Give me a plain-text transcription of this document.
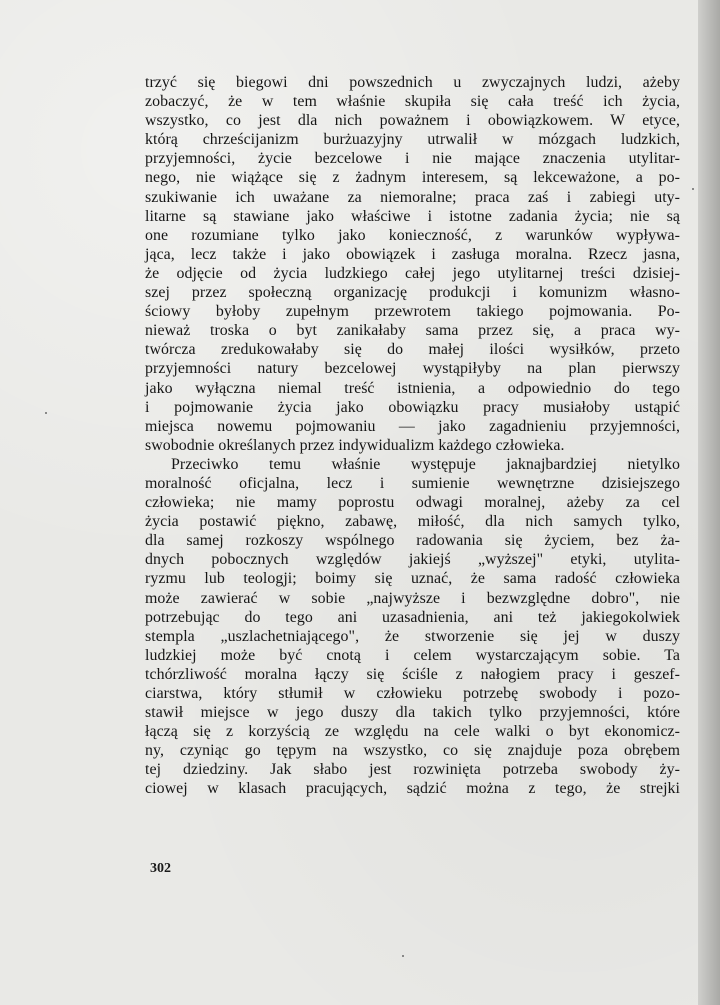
trzyć się biegowi dni powszednich u zwyczajnych ludzi, ażeby
zobaczyć, że w tem właśnie skupiła się cała treść ich życia,
wszystko, co jest dla nich poważnem i obowiązkowem. W etyce,
którą chrześcijanizm burżuazyjny utrwalił w mózgach ludzkich,
przyjemności, życie bezcelowe i nie mające znaczenia utylitar-
nego, nie wiążące się z żadnym interesem, są lekceważone, a po-
szukiwanie ich uważane za niemoralne; praca zaś i zabiegi uty-
litarne są stawiane jako właściwe i istotne zadania życia; nie są
one rozumiane tylko jako konieczność, z warunków wypływa-
jąca, lecz także i jako obowiązek i zasługa moralna. Rzecz jasna,
że odjęcie od życia ludzkiego całej jego utylitarnej treści dzisiej-
szej przez społeczną organizację produkcji i komunizm własno-
ściowy byłoby zupełnym przewrotem takiego pojmowania. Po-
nieważ troska o byt zanikałaby sama przez się, a praca wy-
twórcza zredukowałaby się do małej ilości wysiłków, przeto
przyjemności natury bezcelowej wystąpiłyby na plan pierwszy
jako wyłączna niemal treść istnienia, a odpowiednio do tego
i pojmowanie życia jako obowiązku pracy musiałoby ustąpić
miejsca nowemu pojmowaniu — jako zagadnieniu przyjemności,
swobodnie określanych przez indywidualizm każdego człowieka.
Przeciwko temu właśnie występuje jaknajbardziej nietylko
moralność oficjalna, lecz i sumienie wewnętrzne dzisiejszego
człowieka; nie mamy poprostu odwagi moralnej, ażeby za cel
życia postawić piękno, zabawę, miłość, dla nich samych tylko,
dla samej rozkoszy wspólnego radowania się życiem, bez ża-
dnych pobocznych względów jakiejś „wyższej" etyki, utylita-
ryzmu lub teologji; boimy się uznać, że sama radość człowieka
może zawierać w sobie „najwyższe i bezwzględne dobro", nie
potrzebując do tego ani uzasadnienia, ani też jakiegokolwiek
stempla „uszlachetniającego", że stworzenie się jej w duszy
ludzkiej może być cnotą i celem wystarczającym sobie. Ta
tchórzliwość moralna łączy się ściśle z nałogiem pracy i geszef-
ciarstwa, który stłumił w człowieku potrzebę swobody i pozo-
stawił miejsce w jego duszy dla takich tylko przyjemności, które
łączą się z korzyścią ze względu na cele walki o byt ekonomicz-
ny, czyniąc go tępym na wszystko, co się znajduje poza obrębem
tej dziedziny. Jak słabo jest rozwinięta potrzeba swobody ży-
ciowej w klasach pracujących, sądzić można z tego, że strejki
302
